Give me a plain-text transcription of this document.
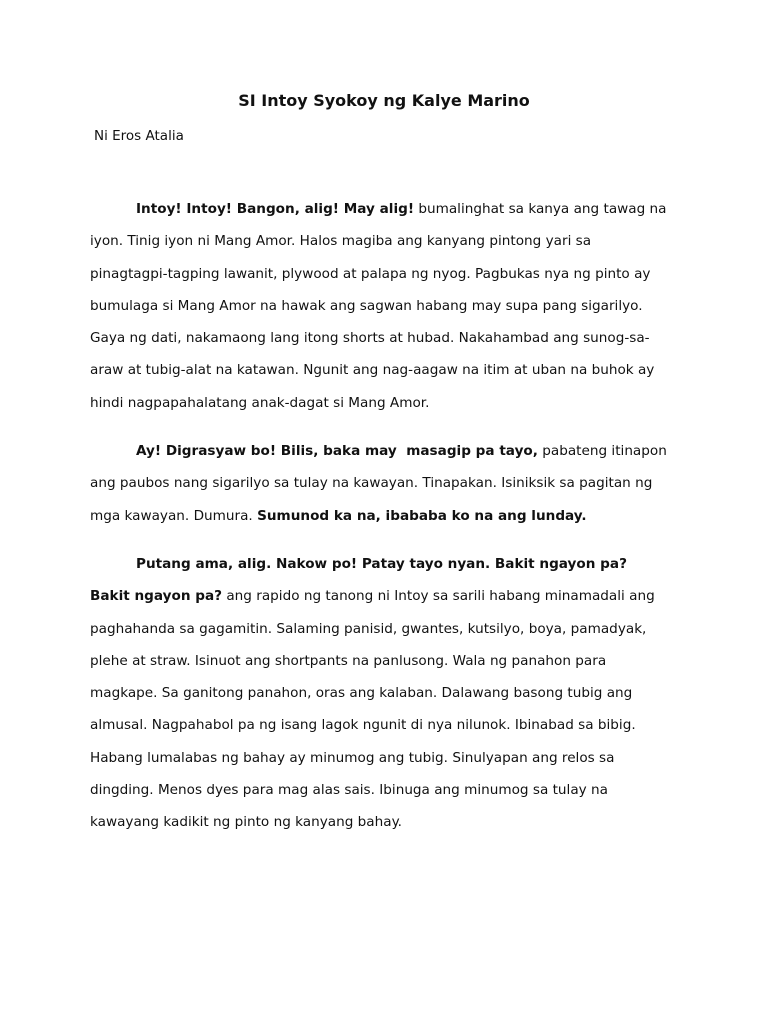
SI Intoy Syokoy ng Kalye Marino

Ni Eros Atalia

Intoy! Intoy! Bangon, alig! May alig! bumalinghat sa kanya ang tawag na
iyon. Tinig iyon ni Mang Amor. Halos magiba ang kanyang pintong yari sa
pinagtagpi-tagping lawanit, plywood at palapa ng nyog. Pagbukas nya ng pinto ay
bumulaga si Mang Amor na hawak ang sagwan habang may supa pang sigarilyo.
Gaya ng dati, nakamaong lang itong shorts at hubad. Nakahambad ang sunog-sa-
araw at tubig-alat na katawan. Ngunit ang nag-aagaw na itim at uban na buhok ay
hindi nagpapahalatang anak-dagat si Mang Amor.
Ay! Digrasyaw bo! Bilis, baka may  masagip pa tayo, pabateng itinapon
ang paubos nang sigarilyo sa tulay na kawayan. Tinapakan. Isiniksik sa pagitan ng
mga kawayan. Dumura. Sumunod ka na, ibababa ko na ang lunday.
Putang ama, alig. Nakow po! Patay tayo nyan. Bakit ngayon pa?
Bakit ngayon pa? ang rapido ng tanong ni Intoy sa sarili habang minamadali ang
paghahanda sa gagamitin. Salaming panisid, gwantes, kutsilyo, boya, pamadyak,
plehe at straw. Isinuot ang shortpants na panlusong. Wala ng panahon para
magkape. Sa ganitong panahon, oras ang kalaban. Dalawang basong tubig ang
almusal. Nagpahabol pa ng isang lagok ngunit di nya nilunok. Ibinabad sa bibig.
Habang lumalabas ng bahay ay minumog ang tubig. Sinulyapan ang relos sa
dingding. Menos dyes para mag alas sais. Ibinuga ang minumog sa tulay na
kawayang kadikit ng pinto ng kanyang bahay.
